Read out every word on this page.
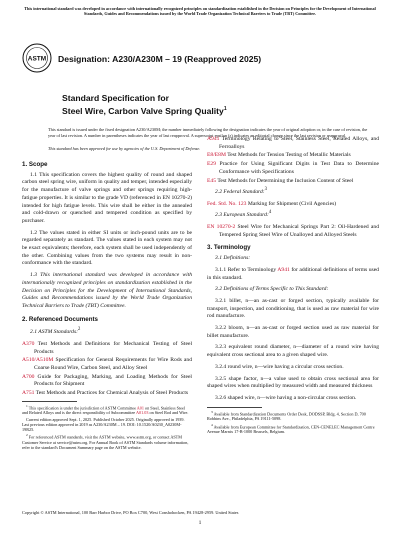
This international standard was developed in accordance with internationally recognized principles on standardization established in the Decision on Principles for the Development of International Standards, Guides and Recommendations issued by the World Trade Organization Technical Barriers to Trade (TBT) Committee.
ASTM Designation: A230/A230M – 19 (Reapproved 2025)
Standard Specification for
Steel Wire, Carbon Valve Spring Quality$^1$
This standard is issued under the fixed designation A230/A230M; the number immediately following the designation indicates the year of original adoption or, in the case of revision, the year of last revision. A number in parentheses indicates the year of last reapproval. A superscript epsilon (ε) indicates an editorial change since the last revision or reapproval.
This standard has been approved for use by agencies of the U.S. Department of Defense.
1. Scope

1.1 This specification covers the highest quality of round and shaped carbon steel spring wire, uniform in quality and temper, intended especially for the manufacture of valve springs and other springs requiring high-fatigue properties. It is similar to the grade VD (referenced in EN 10270-2) intended for high fatigue levels. This wire shall be either in the annealed and cold-drawn or quenched and tempered condition as specified by purchaser.

1.2 The values stated in either SI units or inch-pound units are to be regarded separately as standard. The values stated in each system may not be exact equivalents; therefore, each system shall be used independently of the other. Combining values from the two systems may result in non-conformance with the standard.

1.3 This international standard was developed in accordance with internationally recognized principles on standardization established in the Decision on Principles for the Development of International Standards, Guides and Recommendations issued by the World Trade Organization Technical Barriers to Trade (TBT) Committee.

2. Referenced Documents

2.1 ASTM Standards:$^2$

A370 Test Methods and Definitions for Mechanical Testing of Steel Products
A510/A510M Specification for General Requirements for Wire Rods and Coarse Round Wire, Carbon Steel, and Alloy Steel
A700 Guide for Packaging, Marking, and Loading Methods for Steel Products for Shipment
A751 Test Methods and Practices for Chemical Analysis of Steel Products

$^1$ This specification is under the jurisdiction of ASTM Committee A01 on Steel, Stainless Steel and Related Alloys and is the direct responsibility of Subcommittee A01.03 on Steel Rod and Wire.

Current edition approved Sept. 1, 2025. Published October 2025. Originally approved in 1939. Last previous edition approved in 2019 as A230/A230M – 19. DOI: 10.1520/A0230_A0230M-19R25.

$^2$ For referenced ASTM standards, visit the ASTM website, www.astm.org, or contact ASTM Customer Service at service@astm.org. For Annual Book of ASTM Standards volume information, refer to the standard's Document Summary page on the ASTM website.

A941 Terminology Relating to Steel, Stainless Steel, Related Alloys, and Ferroalloys
E8/E8M Test Methods for Tension Testing of Metallic Materials
E29 Practice for Using Significant Digits in Test Data to Determine Conformance with Specifications
E45 Test Methods for Determining the Inclusion Content of Steel

2.2 Federal Standard:$^3$

Fed. Std. No. 123 Marking for Shipment (Civil Agencies)

2.3 European Standard:$^4$

EN 10270-2 Steel Wire for Mechanical Springs Part 2: Oil-Hardened and Tempered Spring Steel Wire of Unalloyed and Alloyed Steels
3. Terminology

3.1 Definitions:

3.1.1 Refer to Terminology A941 for additional definitions of terms used in this standard.

3.2 Definitions of Terms Specific to This Standard:

3.2.1 billet, n—an as-cast or forged section, typically available for transport, inspection, and conditioning, that is used as raw material for wire rod manufacture.

3.2.2 bloom, n—an as-cast or forged section used as raw material for billet manufacture.

3.2.3 equivalent round diameter, n—diameter of a round wire having equivalent cross sectional area to a given shaped wire.

3.2.4 round wire, n—wire having a circular cross section.

3.2.5 shape factor, n—a value used to obtain cross sectional area for shaped wires when multiplied by measured width and measured thickness

3.2.6 shaped wire, n—wire having a non-circular cross section.

$^3$ Available from Standardization Documents Order Desk, DODSSP, Bldg. 4, Section D, 700 Robbins Ave., Philadelphia, PA 19111-5098.

$^4$ Available from European Committee for Standardization, CEN-CENELEC Management Centre Avenue Marnix 17-B-1000 Brussels, Belgium.

Copyright © ASTM International, 100 Barr Harbor Drive, PO Box C700, West Conshohocken, PA 19428-2959. United States
1
